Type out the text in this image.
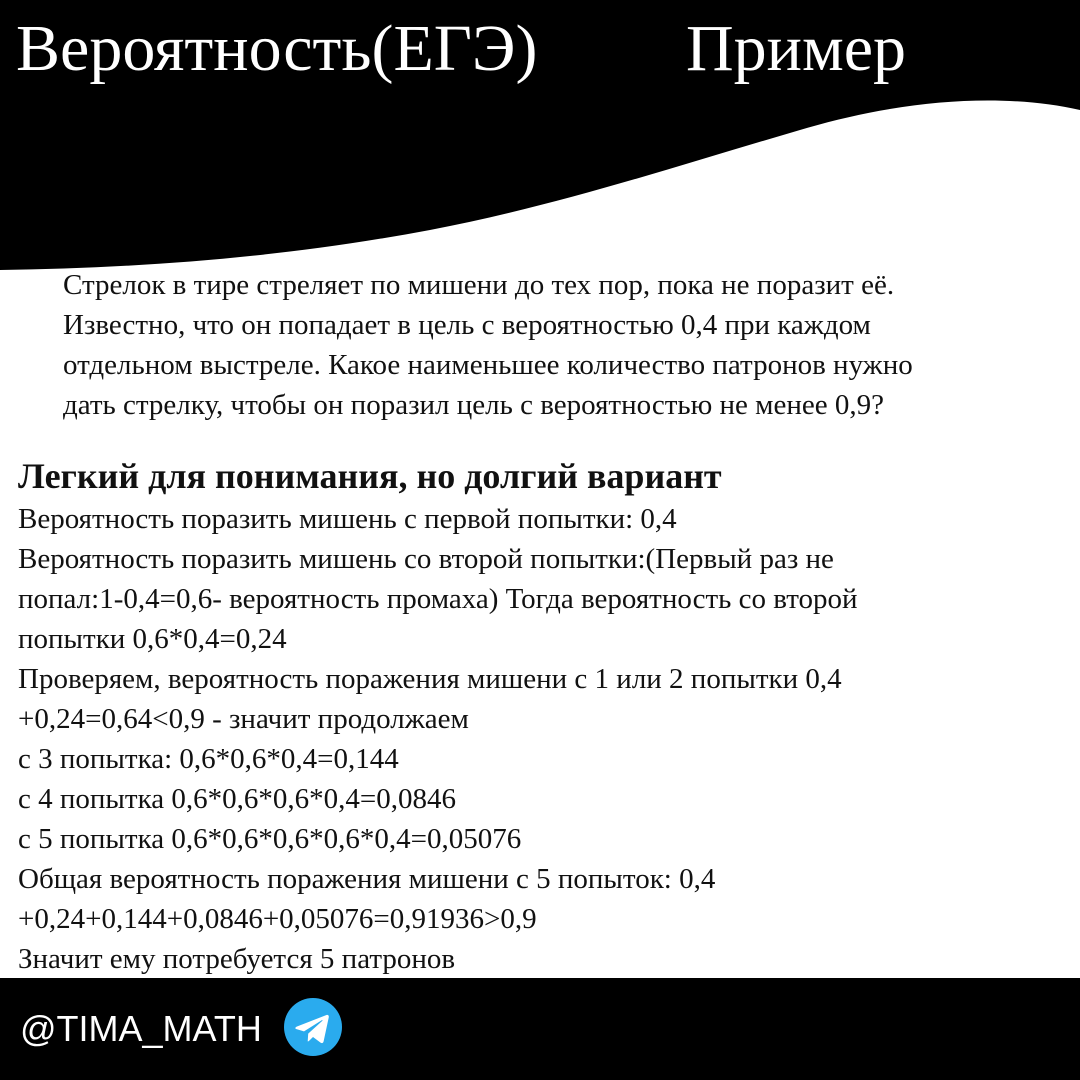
Вероятность(ЕГЭ) Пример
Стрелок в тире стреляет по мишени до тех пор, пока не поразит её.
Известно, что он попадает в цель с вероятностью 0,4 при каждом
отдельном выстреле. Какое наименьшее количество патронов нужно
дать стрелку, чтобы он поразил цель с вероятностью не менее 0,9?
Легкий для понимания, но долгий вариант
Вероятность поразить мишень с первой попытки: 0,4
Вероятность поразить мишень со второй попытки:(Первый раз не
попал:1-0,4=0,6- вероятность промаха) Тогда вероятность со второй
попытки 0,6*0,4=0,24
Проверяем, вероятность поражения мишени с 1 или 2 попытки 0,4
+0,24=0,64<0,9 - значит продолжаем
с 3 попытка: 0,6*0,6*0,4=0,144
с 4 попытка 0,6*0,6*0,6*0,4=0,0846
с 5 попытка 0,6*0,6*0,6*0,6*0,4=0,05076
Общая вероятность поражения мишени с 5 попыток: 0,4
+0,24+0,144+0,0846+0,05076=0,91936>0,9
Значит ему потребуется 5 патронов
@TIMA_MATH
